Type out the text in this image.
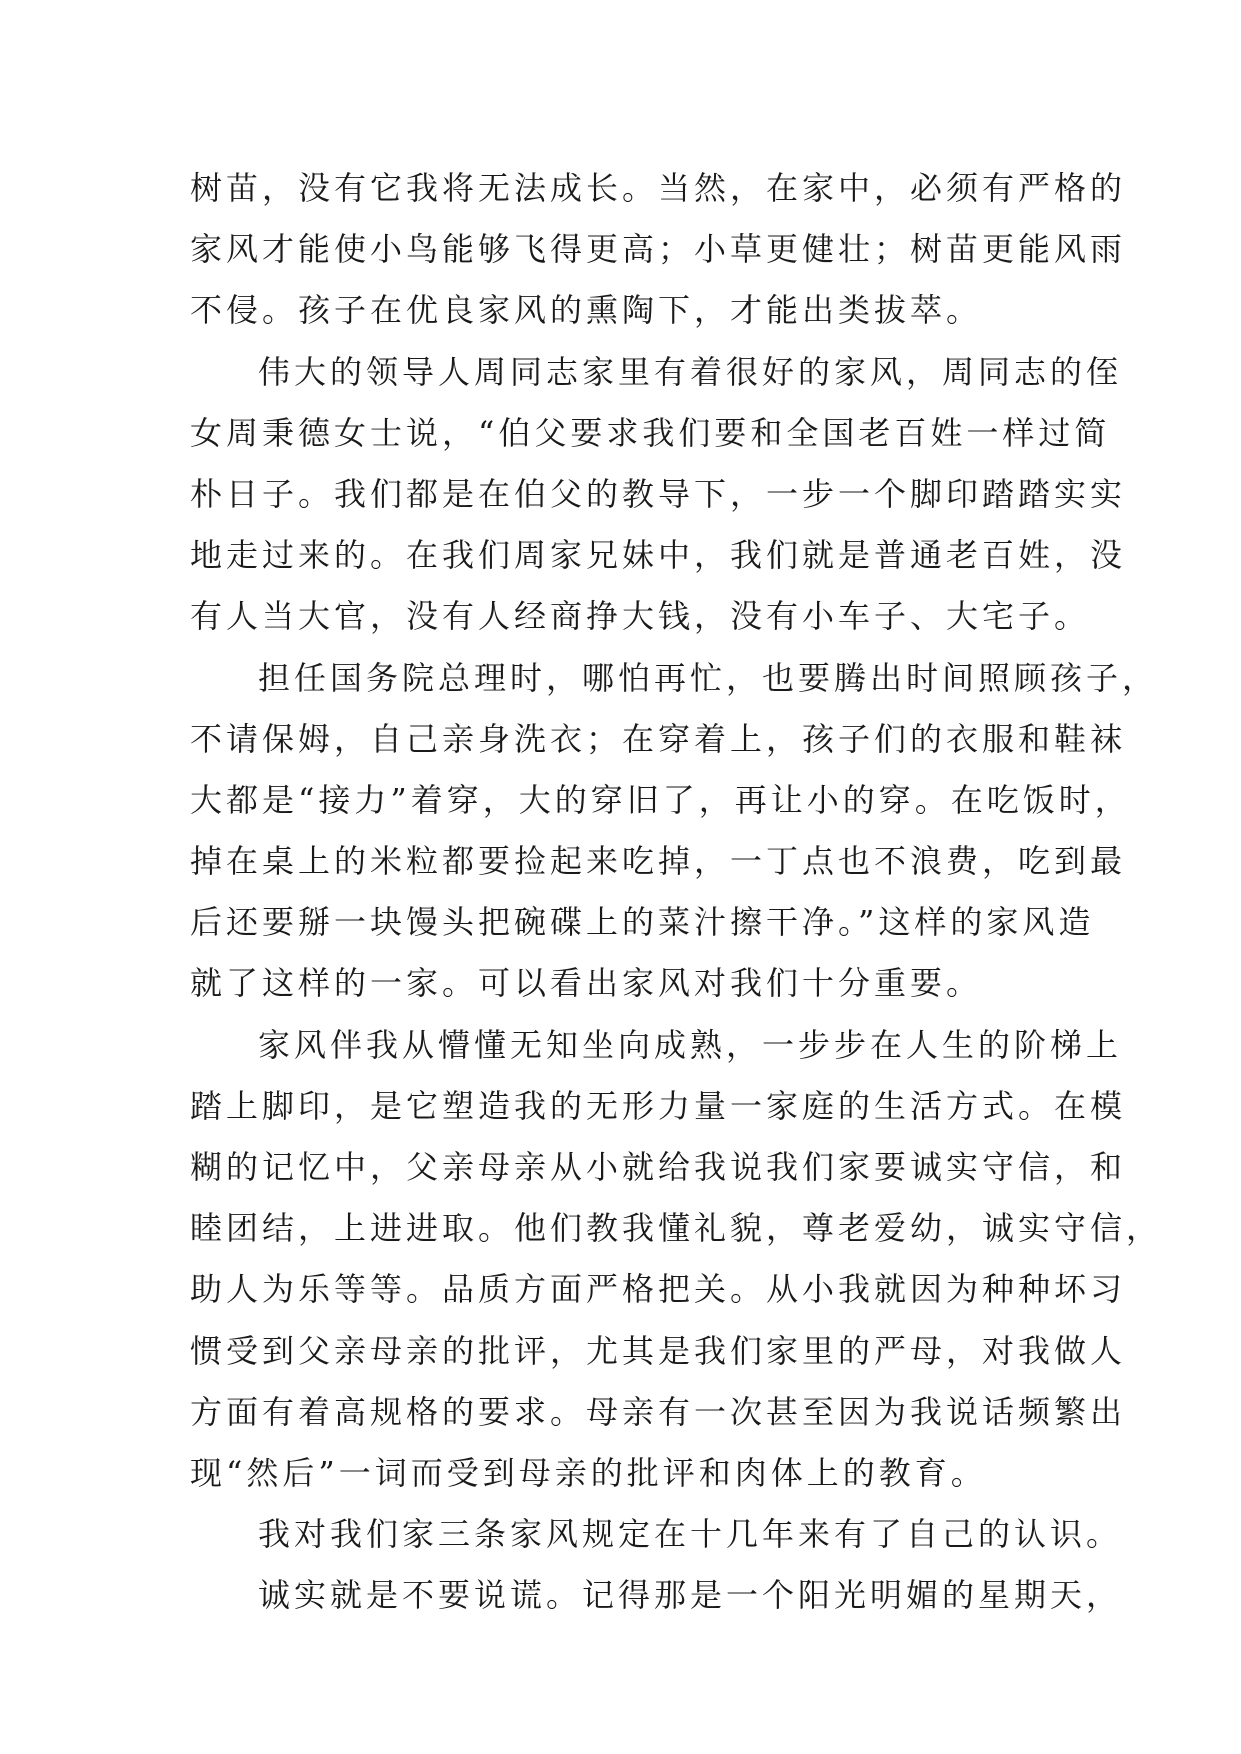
树苗，没有它我将无法成长。当然，在家中，必须有严格的
家风才能使小鸟能够飞得更高；小草更健壮；树苗更能风雨
不侵。孩子在优良家风的熏陶下，才能出类拔萃。
伟大的领导人周同志家里有着很好的家风，周同志的侄
女周秉德女士说，“伯父要求我们要和全国老百姓一样过简
朴日子。我们都是在伯父的教导下，一步一个脚印踏踏实实
地走过来的。在我们周家兄妹中，我们就是普通老百姓，没
有人当大官，没有人经商挣大钱，没有小车子、大宅子。
担任国务院总理时，哪怕再忙，也要腾出时间照顾孩子，
不请保姆，自己亲身洗衣；在穿着上，孩子们的衣服和鞋袜
大都是“接力”着穿，大的穿旧了，再让小的穿。在吃饭时，
掉在桌上的米粒都要捡起来吃掉，一丁点也不浪费，吃到最
后还要掰一块馒头把碗碟上的菜汁擦干净。”这样的家风造
就了这样的一家。可以看出家风对我们十分重要。
家风伴我从懵懂无知坐向成熟，一步步在人生的阶梯上
踏上脚印，是它塑造我的无形力量一家庭的生活方式。在模
糊的记忆中，父亲母亲从小就给我说我们家要诚实守信，和
睦团结，上进进取。他们教我懂礼貌，尊老爱幼，诚实守信，
助人为乐等等。品质方面严格把关。从小我就因为种种坏习
惯受到父亲母亲的批评，尤其是我们家里的严母，对我做人
方面有着高规格的要求。母亲有一次甚至因为我说话频繁出
现“然后”一词而受到母亲的批评和肉体上的教育。
我对我们家三条家风规定在十几年来有了自己的认识。
诚实就是不要说谎。记得那是一个阳光明媚的星期天，
